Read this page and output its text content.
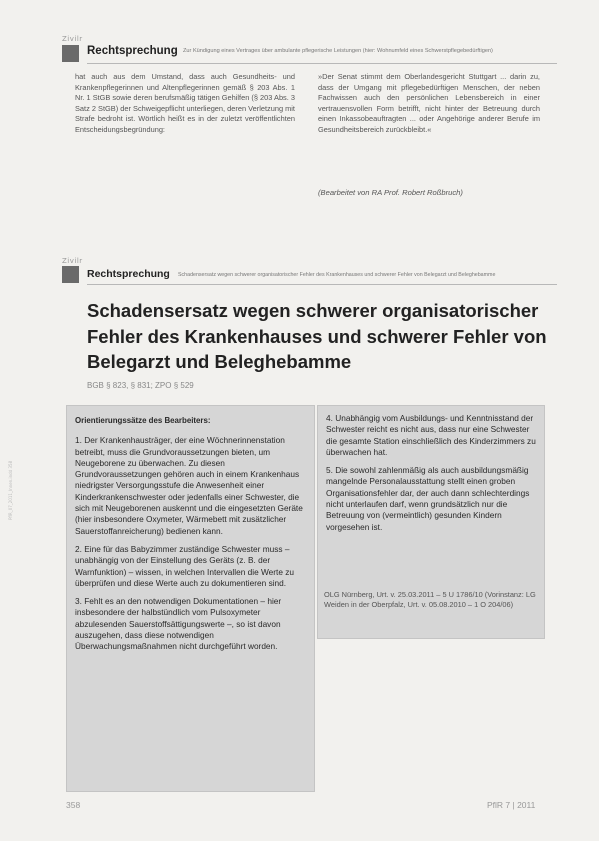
Zivilr
Rechtsprechung Zur Kündigung eines Vertrages über ambulante pflegerische Leistungen (hier: Wohnumfeld eines Schwerstpflegebedürftigen)
hat auch aus dem Umstand, dass auch Gesundheits- und Krankenpflegerinnen und Altenpflegerinnen gemäß § 203 Abs. 1 Nr. 1 StGB sowie deren berufsmäßig tätigen Gehilfen (§ 203 Abs. 3 Satz 2 StGB) der Schweigepflicht unterliegen, deren Verletzung mit Strafe bedroht ist. Wörtlich heißt es in der zuletzt veröffentlichten Entscheidungsbegründung:
»Der Senat stimmt dem Oberlandesgericht Stuttgart ... darin zu, dass der Umgang mit pflegebedürftigen Menschen, der neben Fachwissen auch den persönlichen Lebensbereich in einer vertrauensvollen Form betrifft, nicht hinter der Betreuung durch einen Inkassobeauftragten ... oder Angehörige anderer Berufe im Gesundheitsbereich zurückbleibt.«
(Bearbeitet von RA Prof. Robert Roßbruch)
Zivilr
Rechtsprechung Schadensersatz wegen schwerer organisatorischer Fehler des Krankenhauses und schwerer Fehler von Belegarzt und Beleghebamme
Schadensersatz wegen schwerer organisatorischer Fehler des Krankenhauses und schwerer Fehler von Belegarzt und Beleghebamme
BGB § 823, § 831; ZPO § 529

Orientierungssätze des Bearbeiters:

1. Der Krankenhausträger, der eine Wöchnerinnenstation betreibt, muss die Grundvoraussetzungen bieten, um Neugeborene zu überwachen. Zu diesen Grundvoraussetzungen gehören auch in einem Krankenhaus niedrigster Versorgungsstufe die Anwesenheit einer Kinderkrankenschwester oder jedenfalls einer Schwester, die sich mit Neugeborenen auskennt und die eingesetzten Geräte (hier insbesondere Oxymeter, Wärmebett mit zusätzlicher Sauerstoffanreicherung) bedienen kann.

2. Eine für das Babyzimmer zuständige Schwester muss – unabhängig von der Einstellung des Geräts (z. B. der Warnfunktion) – wissen, in welchen Intervallen die Werte zu überprüfen und diese Werte auch zu dokumentieren sind.

3. Fehlt es an den notwendigen Dokumentationen – hier insbesondere der halbstündlich vom Pulsoxymeter abzulesenden Sauerstoffsättigungswerte –, so ist davon auszugehen, dass diese notwendigen Überwachungsmaßnahmen nicht durchgeführt worden.

4. Unabhängig vom Ausbildungs- und Kenntnisstand der Schwester reicht es nicht aus, dass nur eine Schwester die gesamte Station einschließlich des Kinderzimmers zu überwachen hat.

5. Die sowohl zahlenmäßig als auch ausbildungsmäßig mangelnde Personalausstattung stellt einen groben Organisationsfehler dar, der auch dann schlechterdings nicht unterlaufen darf, wenn grundsätzlich nur die Betreuung von (vermeintlich) gesunden Kindern vorgesehen ist.

OLG Nürnberg, Urt. v. 25.03.2011 – 5 U 1786/10 (Vorinstanz: LG Weiden in der Oberpfalz, Urt. v. 05.08.2010 – 1 O 204/06)
358	PflR 7 | 2011
PflR_07_2011_Innen.indd 358
